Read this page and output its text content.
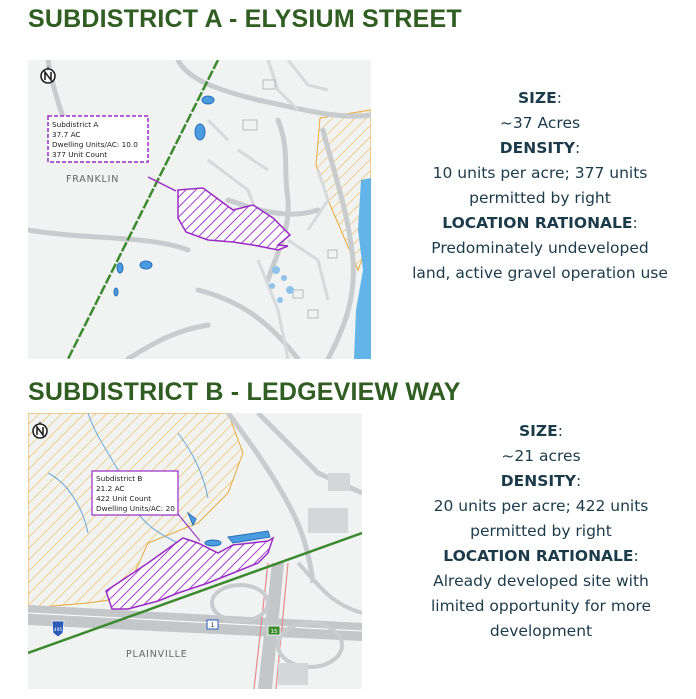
SUBDISTRICT A - ELYSIUM STREET
Subdistrict A
37.7 AC
Dwelling Units/AC: 10.0
377 Unit Count
FRANKLIN
SIZE:
~37 Acres
DENSITY:
10 units per acre; 377 units
permitted by right
LOCATION RATIONALE:
Predominately undeveloped
land, active gravel operation use
SUBDISTRICT B - LEDGEVIEW WAY
Subdistrict B
21.2 AC
422 Unit Count
Dwelling Units/AC: 20
495
1
15
PLAINVILLE
SIZE:
~21 acres
DENSITY:
20 units per acre; 422 units
permitted by right
LOCATION RATIONALE:
Already developed site with
limited opportunity for more
development
